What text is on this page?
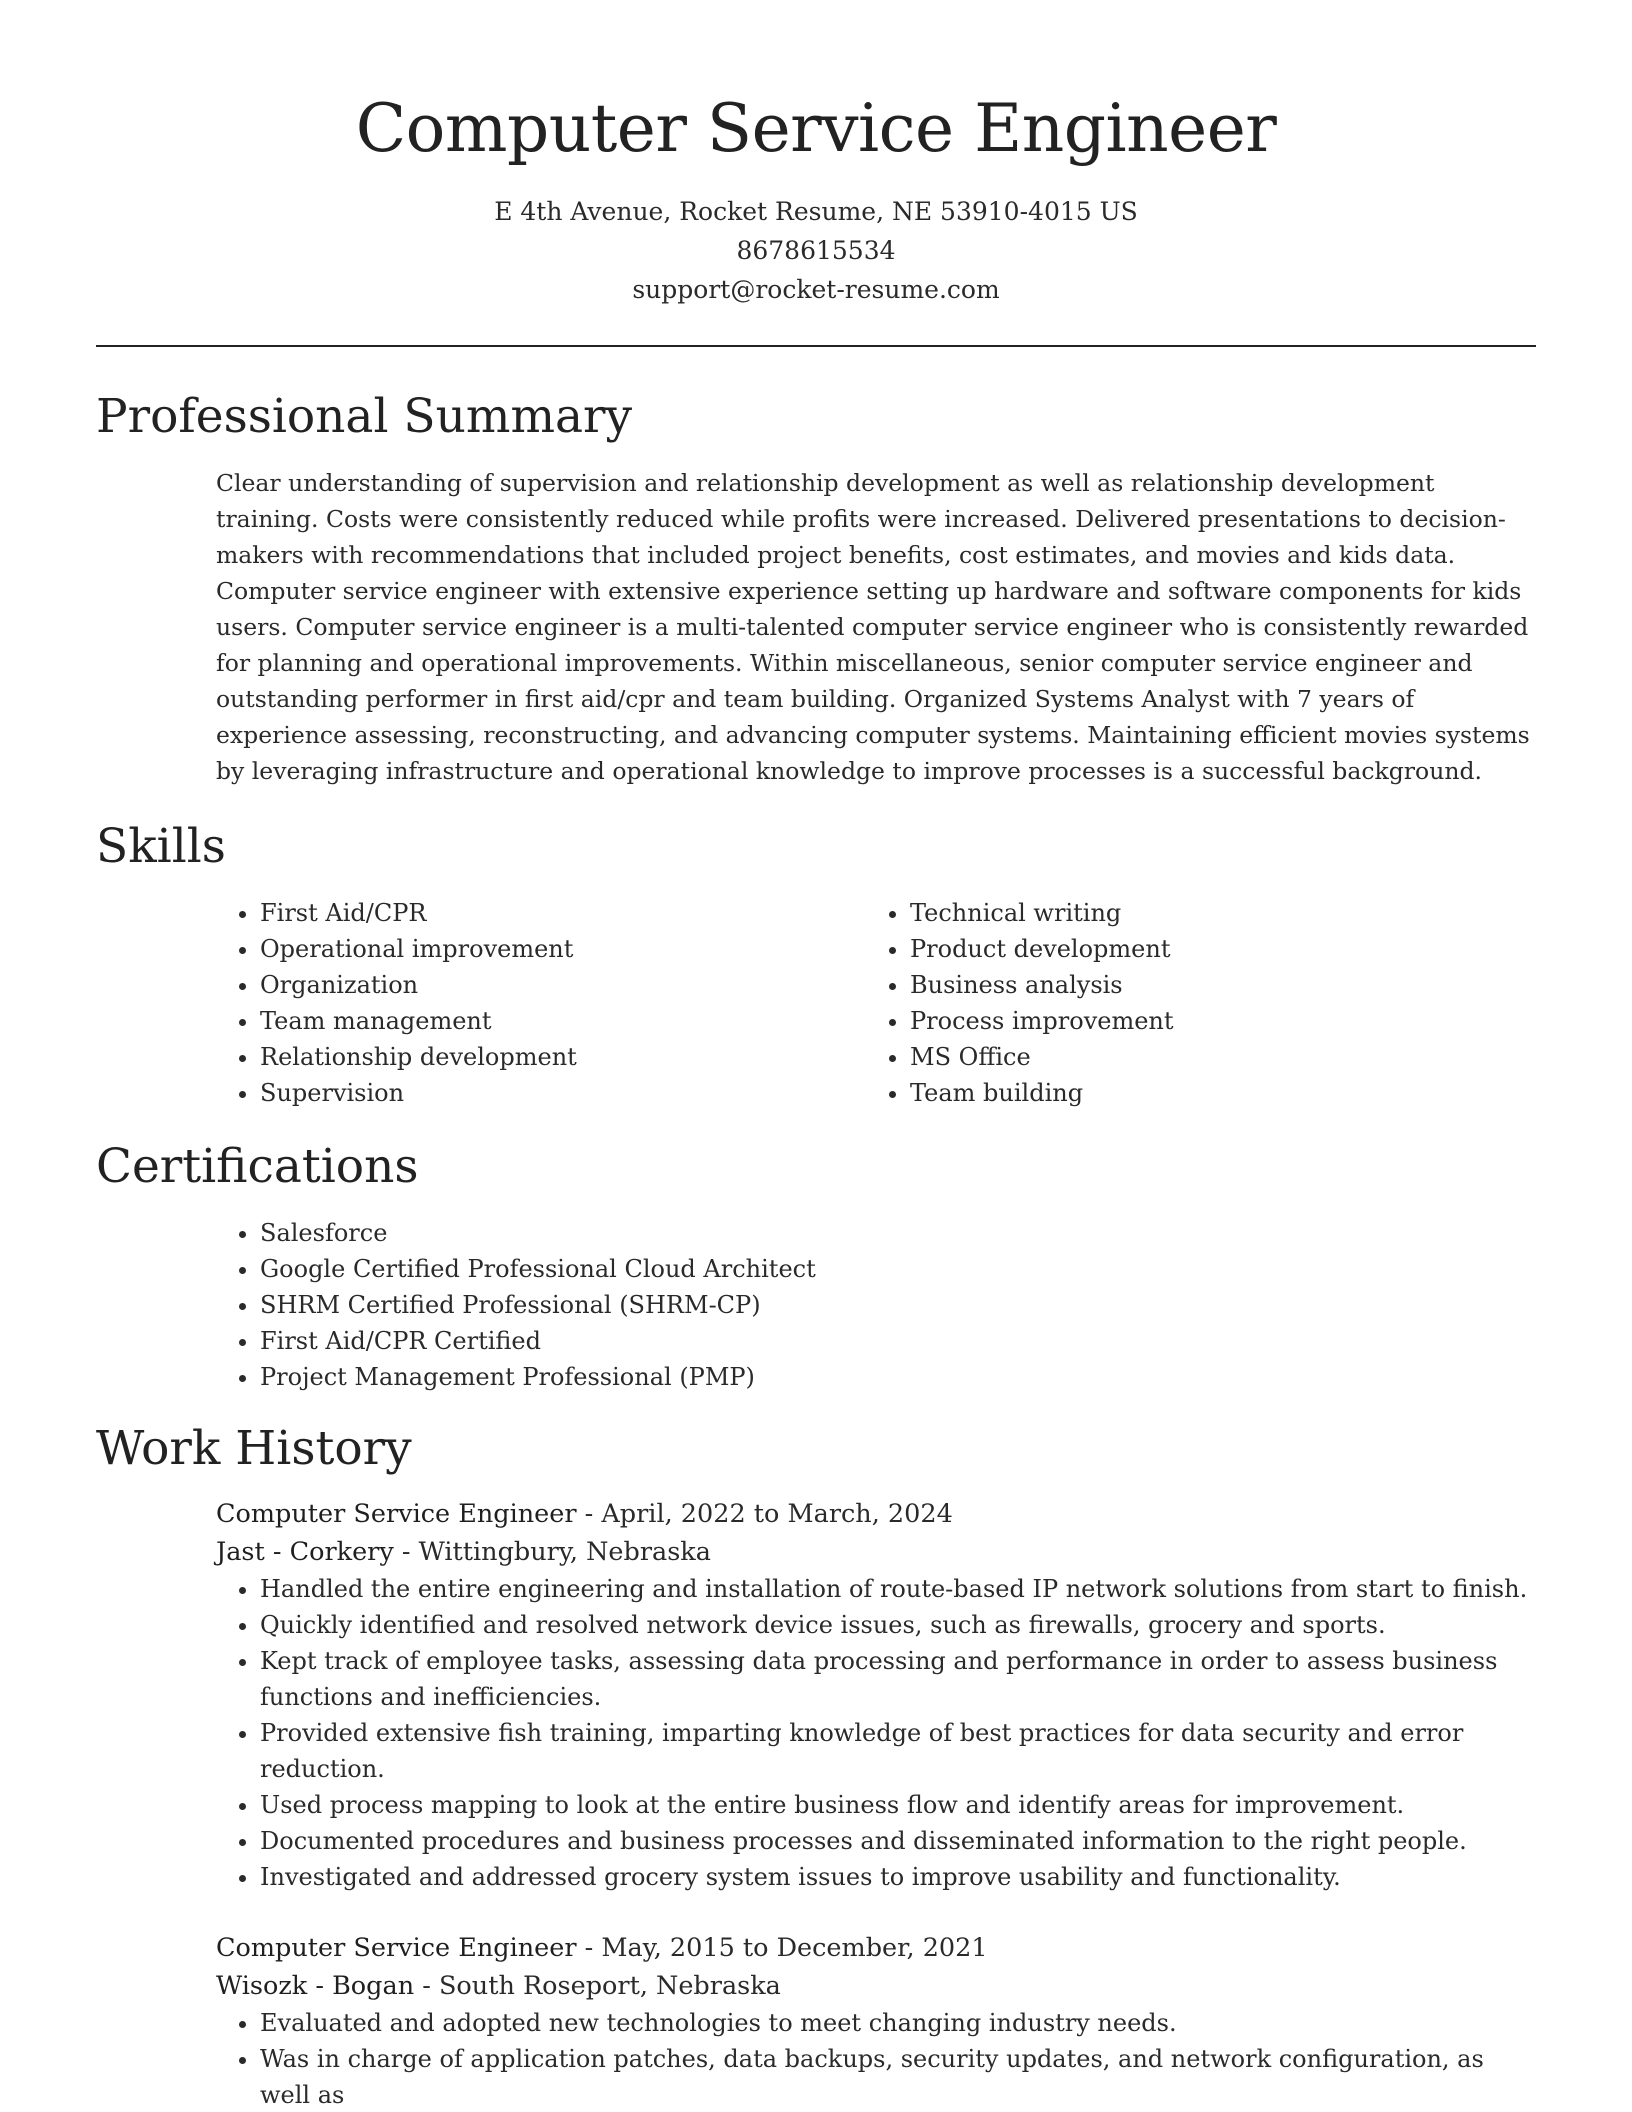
Computer Service Engineer
E 4th Avenue, Rocket Resume, NE 53910-4015 US
8678615534
support@rocket-resume.com
Professional Summary
Clear understanding of supervision and relationship development as well as relationship development training. Costs were consistently reduced while profits were increased. Delivered presentations to decision-makers with recommendations that included project benefits, cost estimates, and movies and kids data. Computer service engineer with extensive experience setting up hardware and software components for kids users. Computer service engineer is a multi-talented computer service engineer who is consistently rewarded for planning and operational improvements. Within miscellaneous, senior computer service engineer and outstanding performer in first aid/cpr and team building. Organized Systems Analyst with 7 years of experience assessing, reconstructing, and advancing computer systems. Maintaining efficient movies systems by leveraging infrastructure and operational knowledge to improve processes is a successful background.
Skills
• First Aid/CPR
• Operational improvement
• Organization
• Team management
• Relationship development
• Supervision
• Technical writing
• Product development
• Business analysis
• Process improvement
• MS Office
• Team building
Certifications
• Salesforce
• Google Certified Professional Cloud Architect
• SHRM Certified Professional (SHRM-CP)
• First Aid/CPR Certified
• Project Management Professional (PMP)
Work History
Computer Service Engineer - April, 2022 to March, 2024
Jast - Corkery - Wittingbury, Nebraska
• Handled the entire engineering and installation of route-based IP network solutions from start to finish.
• Quickly identified and resolved network device issues, such as firewalls, grocery and sports.
• Kept track of employee tasks, assessing data processing and performance in order to assess business functions and inefficiencies.
• Provided extensive fish training, imparting knowledge of best practices for data security and error reduction.
• Used process mapping to look at the entire business flow and identify areas for improvement.
• Documented procedures and business processes and disseminated information to the right people.
• Investigated and addressed grocery system issues to improve usability and functionality.
Computer Service Engineer - May, 2015 to December, 2021
Wisozk - Bogan - South Roseport, Nebraska
• Evaluated and adopted new technologies to meet changing industry needs.
• Was in charge of application patches, data backups, security updates, and network configuration, as well as
